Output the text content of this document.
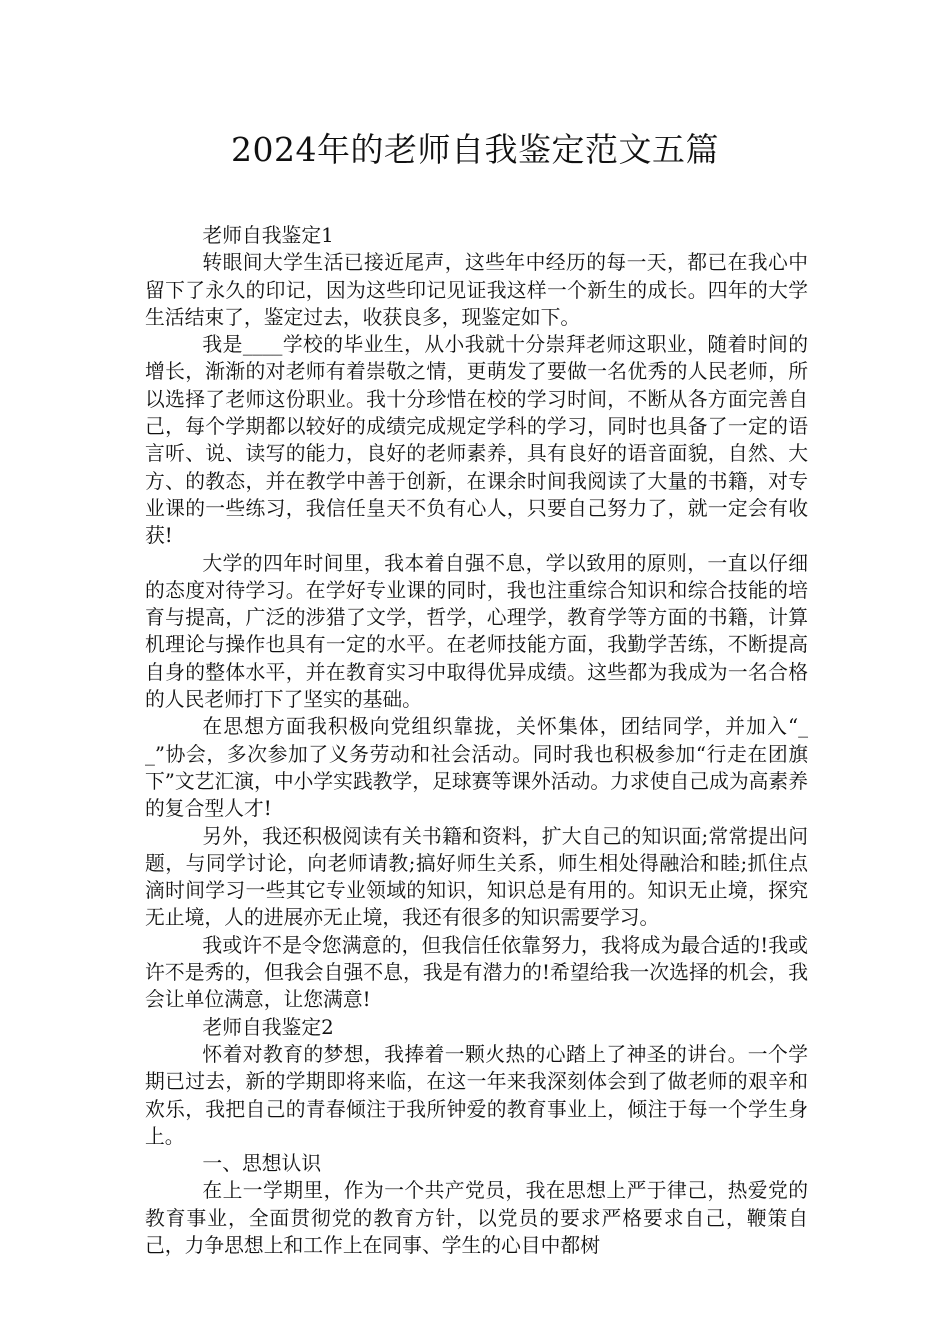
2024年的老师自我鉴定范文五篇

老师自我鉴定1

转眼间大学生活已接近尾声，这些年中经历的每一天，都已在我心中留下了永久的印记，因为这些印记见证我这样一个新生的成长。四年的大学生活结束了，鉴定过去，收获良多，现鉴定如下。

我是____学校的毕业生，从小我就十分崇拜老师这职业，随着时间的增长，渐渐的对老师有着崇敬之情，更萌发了要做一名优秀的人民老师，所以选择了老师这份职业。我十分珍惜在校的学习时间，不断从各方面完善自己，每个学期都以较好的成绩完成规定学科的学习，同时也具备了一定的语言听、说、读写的能力，良好的老师素养，具有良好的语音面貌，自然、大方、的教态，并在教学中善于创新，在课余时间我阅读了大量的书籍，对专业课的一些练习，我信任皇天不负有心人，只要自己努力了，就一定会有收获!

大学的四年时间里，我本着自强不息，学以致用的原则，一直以仔细的态度对待学习。在学好专业课的同时，我也注重综合知识和综合技能的培育与提高，广泛的涉猎了文学，哲学，心理学，教育学等方面的书籍，计算机理论与操作也具有一定的水平。在老师技能方面，我勤学苦练，不断提高自身的整体水平，并在教育实习中取得优异成绩。这些都为我成为一名合格的人民老师打下了坚实的基础。

在思想方面我积极向党组织靠拢，关怀集体，团结同学，并加入“__”协会，多次参加了义务劳动和社会活动。同时我也积极参加“行走在团旗下”文艺汇演，中小学实践教学，足球赛等课外活动。力求使自己成为高素养的复合型人才!

另外，我还积极阅读有关书籍和资料，扩大自己的知识面;常常提出问题，与同学讨论，向老师请教;搞好师生关系，师生相处得融洽和睦;抓住点滴时间学习一些其它专业领域的知识，知识总是有用的。知识无止境，探究无止境，人的进展亦无止境，我还有很多的知识需要学习。

我或许不是令您满意的，但我信任依靠努力，我将成为最合适的!我或许不是秀的，但我会自强不息，我是有潜力的!希望给我一次选择的机会，我会让单位满意，让您满意!

老师自我鉴定2

怀着对教育的梦想，我捧着一颗火热的心踏上了神圣的讲台。一个学期已过去，新的学期即将来临，在这一年来我深刻体会到了做老师的艰辛和欢乐，我把自己的青春倾注于我所钟爱的教育事业上，倾注于每一个学生身上。

一、思想认识

在上一学期里，作为一个共产党员，我在思想上严于律己，热爱党的教育事业，全面贯彻党的教育方针，以党员的要求严格要求自己，鞭策自己，力争思想上和工作上在同事、学生的心目中都树
